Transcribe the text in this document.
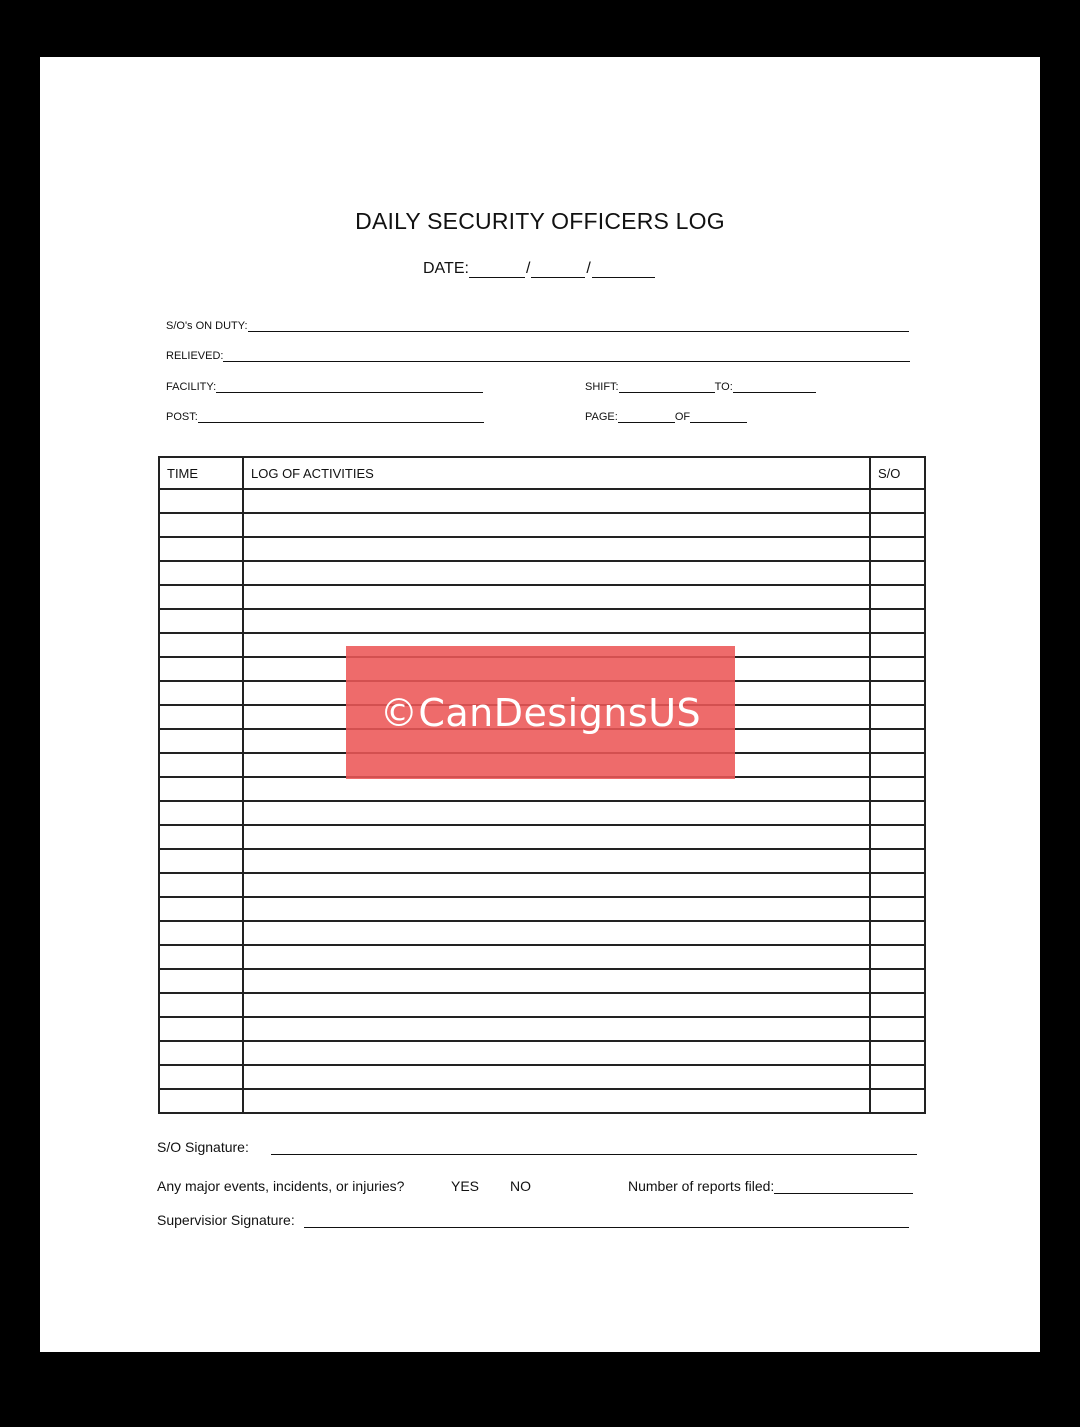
DAILY SECURITY OFFICERS LOG
DATE:	/	/
S/O's ON DUTY:
RELIEVED:
FACILITY:	SHIFT:	TO:
POST:	PAGE:	OF
TIME	LOG OF ACTIVITIES	S/O

S/O Signature:
Any major events, incidents, or injuries?	YES NO	Number of reports filed:
Supervisior Signature:
©CanDesignsUS
